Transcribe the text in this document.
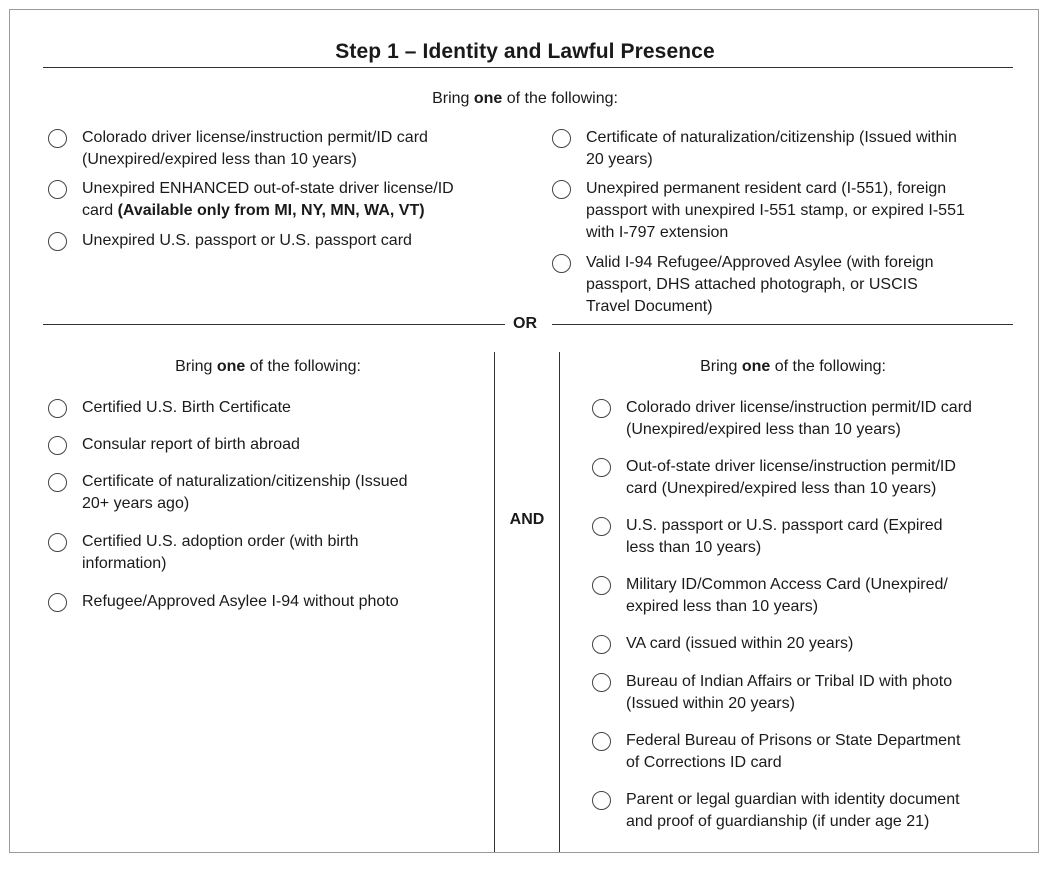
Step 1 – Identity and Lawful Presence
Bring one of the following:
Colorado driver license/instruction permit/ID card
(Unexpired/expired less than 10 years)
Unexpired ENHANCED out-of-state driver license/ID
card (Available only from MI, NY, MN, WA, VT)
Unexpired U.S. passport or U.S. passport card
Certificate of naturalization/citizenship (Issued within
20 years)
Unexpired permanent resident card (I-551), foreign
passport with unexpired I-551 stamp, or expired I-551
with I-797 extension
Valid I-94 Refugee/Approved Asylee (with foreign
passport, DHS attached photograph, or USCIS
Travel Document)
OR
Bring one of the following:	Bring one of the following:
AND
Certified U.S. Birth Certificate
Consular report of birth abroad
Certificate of naturalization/citizenship (Issued
20+ years ago)
Certified U.S. adoption order (with birth
information)
Refugee/Approved Asylee I-94 without photo
Colorado driver license/instruction permit/ID card
(Unexpired/expired less than 10 years)
Out-of-state driver license/instruction permit/ID
card (Unexpired/expired less than 10 years)
U.S. passport or U.S. passport card (Expired
less than 10 years)
Military ID/Common Access Card (Unexpired/
expired less than 10 years)
VA card (issued within 20 years)
Bureau of Indian Affairs or Tribal ID with photo
(Issued within 20 years)
Federal Bureau of Prisons or State Department
of Corrections ID card
Parent or legal guardian with identity document
and proof of guardianship (if under age 21)
